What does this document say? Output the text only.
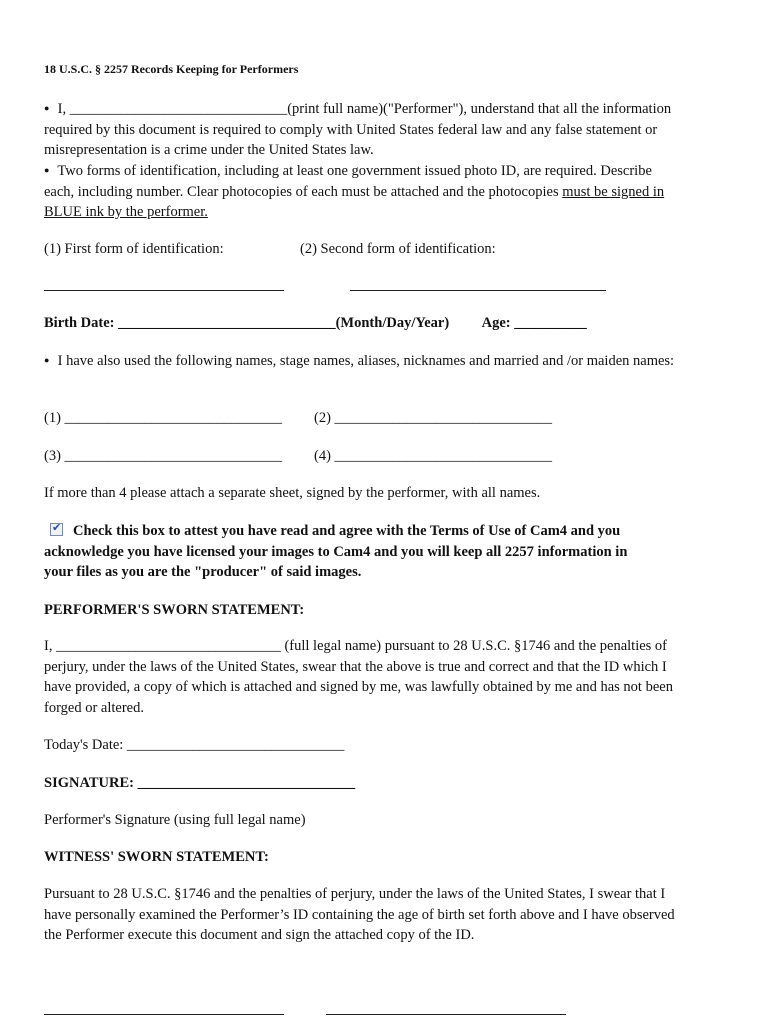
18 U.S.C. § 2257 Records Keeping for Performers
● I, ______________________________(print full name)("Performer"), understand that all the information
required by this document is required to comply with United States federal law and any false statement or
misrepresentation is a crime under the United States law.
● Two forms of identification, including at least one government issued photo ID, are required. Describe
each, including number. Clear photocopies of each must be attached and the photocopies must be signed in
BLUE ink by the performer.
(1) First form of identification:	(2) Second form of identification:
Birth Date: ______________________________(Month/Day/Year) Age: __________
● I have also used the following names, stage names, aliases, nicknames and married and /or maiden names:
(1) ______________________________ (2) ______________________________
(3) ______________________________ (4) ______________________________
If more than 4 please attach a separate sheet, signed by the performer, with all names.
✔ Check this box to attest you have read and agree with the Terms of Use of Cam4 and you
acknowledge you have licensed your images to Cam4 and you will keep all 2257 information in
your files as you are the "producer" of said images.
PERFORMER'S SWORN STATEMENT:
I, _______________________________ (full legal name) pursuant to 28 U.S.C. §1746 and the penalties of
perjury, under the laws of the United States, swear that the above is true and correct and that the ID which I
have provided, a copy of which is attached and signed by me, was lawfully obtained by me and has not been
forged or altered.
Today's Date: ______________________________
SIGNATURE: ______________________________
Performer's Signature (using full legal name)
WITNESS' SWORN STATEMENT:
Pursuant to 28 U.S.C. §1746 and the penalties of perjury, under the laws of the United States, I swear that I
have personally examined the Performer’s ID containing the age of birth set forth above and I have observed
the Performer execute this document and sign the attached copy of the ID.
